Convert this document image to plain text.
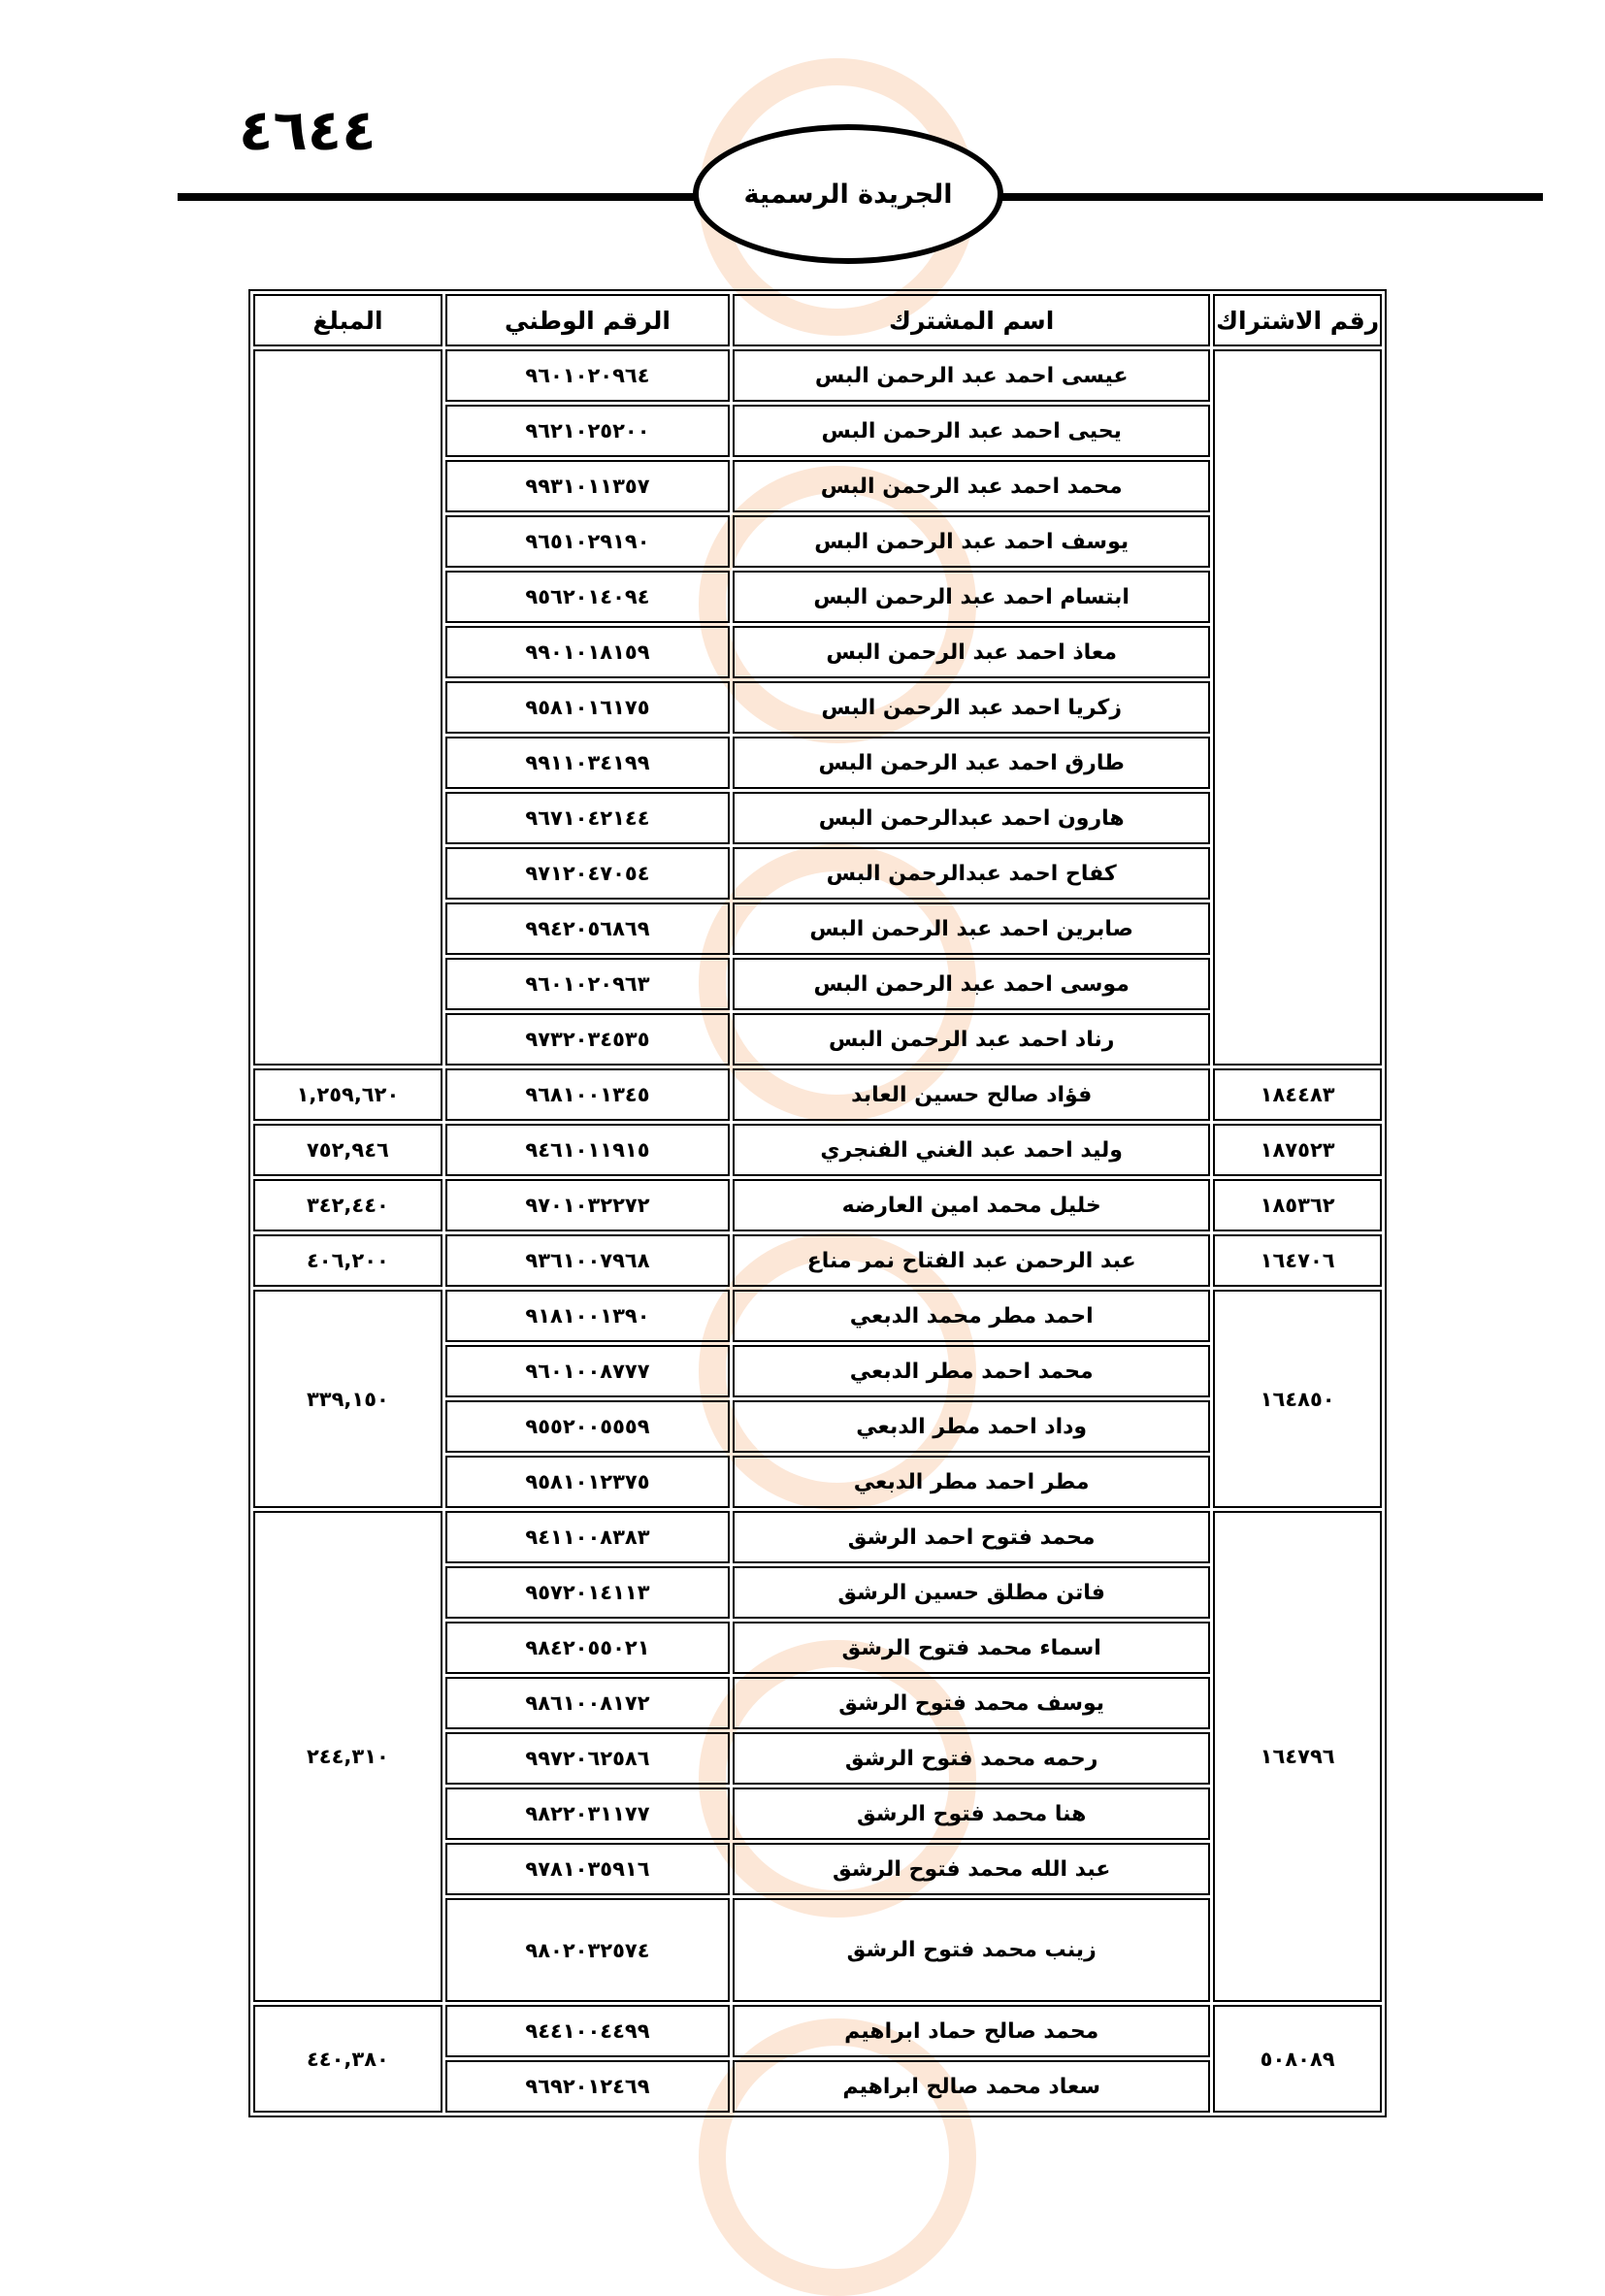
٤٦٤٤
الجريدة الرسمية
رقم الاشتراك	اسم المشترك	الرقم الوطني	المبلغ
	عيسى احمد عبد الرحمن البس	٩٦٠١٠٢٠٩٦٤	
	يحيى احمد عبد الرحمن البس	٩٦٢١٠٢٥٢٠٠	
	محمد احمد عبد الرحمن البس	٩٩٣١٠١١٣٥٧	
	يوسف احمد عبد الرحمن البس	٩٦٥١٠٢٩١٩٠	
	ابتسام احمد عبد الرحمن البس	٩٥٦٢٠١٤٠٩٤	
	معاذ احمد عبد الرحمن البس	٩٩٠١٠١٨١٥٩	
	زكريا احمد عبد الرحمن البس	٩٥٨١٠١٦١٧٥	
	طارق احمد عبد الرحمن البس	٩٩١١٠٣٤١٩٩	
	هارون احمد عبدالرحمن البس	٩٦٧١٠٤٢١٤٤	
	كفاح احمد عبدالرحمن البس	٩٧١٢٠٤٧٠٥٤	
	صابرين احمد عبد الرحمن البس	٩٩٤٢٠٥٦٨٦٩	
	موسى احمد عبد الرحمن البس	٩٦٠١٠٢٠٩٦٣	
	رناد احمد عبد الرحمن البس	٩٧٣٢٠٣٤٥٣٥	
١٨٤٤٨٣	فؤاد صالح حسين العابد	٩٦٨١٠٠١٣٤٥	١,٢٥٩,٦٢٠
١٨٧٥٢٣	وليد احمد عبد الغني الفنجري	٩٤٦١٠١١٩١٥	٧٥٢,٩٤٦
١٨٥٣٦٢	خليل محمد امين العارضه	٩٧٠١٠٣٢٢٧٢	٣٤٢,٤٤٠
١٦٤٧٠٦	عبد الرحمن عبد الفتاح نمر مناع	٩٣٦١٠٠٧٩٦٨	٤٠٦,٢٠٠
١٦٤٨٥٠	احمد مطر محمد الدبعي	٩١٨١٠٠١٣٩٠	٣٣٩,١٥٠
	محمد احمد مطر الدبعي	٩٦٠١٠٠٨٧٧٧	
	وداد احمد مطر الدبعي	٩٥٥٢٠٠٥٥٥٩	
	مطر احمد مطر الدبعي	٩٥٨١٠١٢٣٧٥	
١٦٤٧٩٦	محمد فتوح احمد الرشق	٩٤١١٠٠٨٣٨٣	٢٤٤,٣١٠
	فاتن مطلق حسين الرشق	٩٥٧٢٠١٤١١٣	
	اسماء محمد فتوح الرشق	٩٨٤٢٠٥٥٠٢١	
	يوسف محمد فتوح الرشق	٩٨٦١٠٠٨١٧٢	
	رحمه محمد فتوح الرشق	٩٩٧٢٠٦٢٥٨٦	
	هنا محمد فتوح الرشق	٩٨٢٢٠٣١١٧٧	
	عبد الله محمد فتوح الرشق	٩٧٨١٠٣٥٩١٦	
	زينب محمد فتوح الرشق	٩٨٠٢٠٣٢٥٧٤	
٥٠٨٠٨٩	محمد صالح حماد ابراهيم	٩٤٤١٠٠٤٤٩٩	٤٤٠,٣٨٠
	سعاد محمد صالح ابراهيم	٩٦٩٢٠١٢٤٦٩	
